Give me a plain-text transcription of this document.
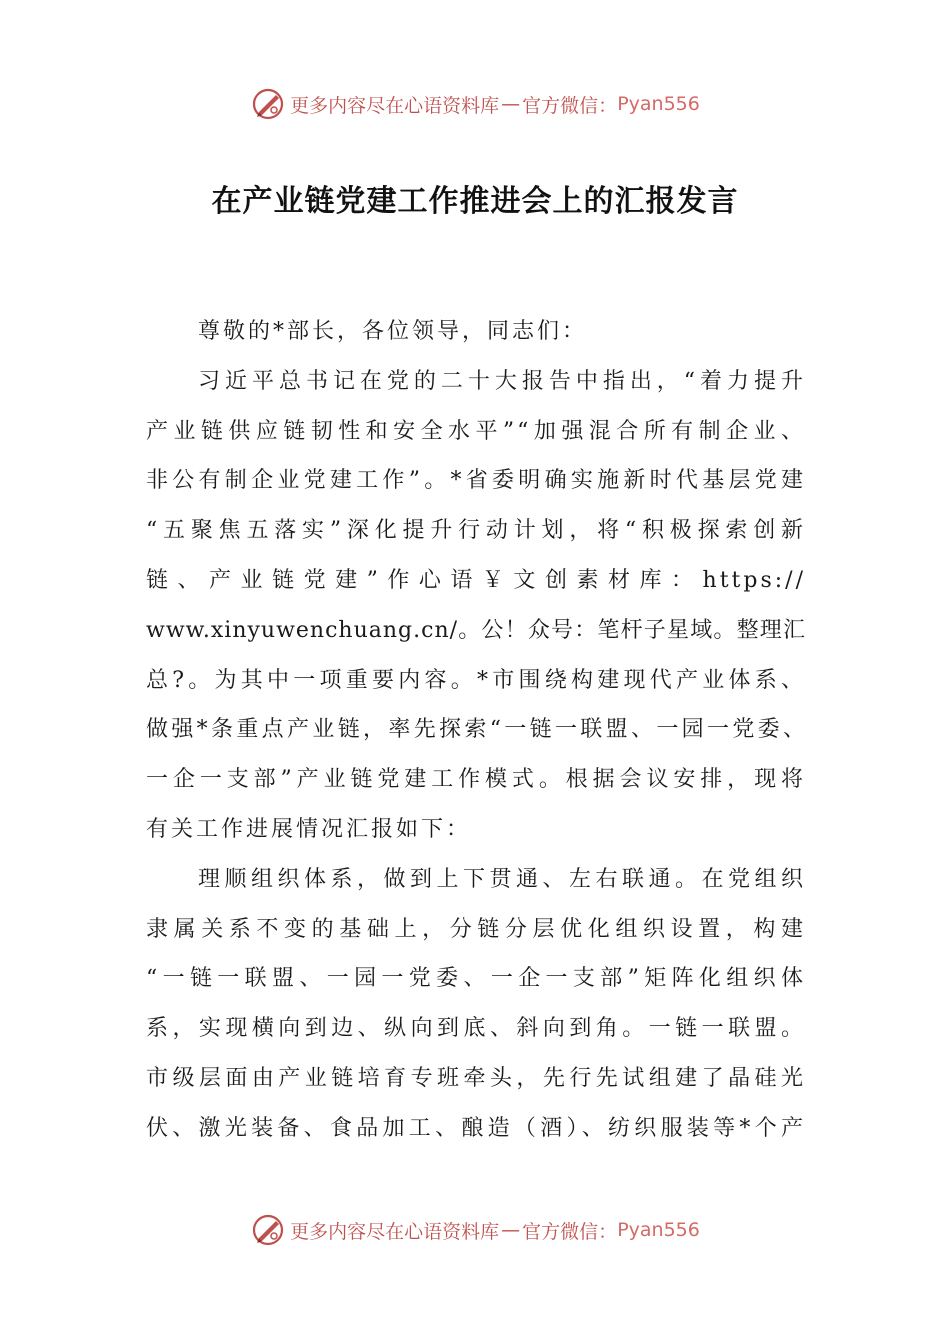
更多内容尽在心语资料库 — 官方微信： Pyan556
在产业链党建工作推进会上的汇报发言
尊敬的*部长，各位领导，同志们：
习近平总书记在党的二十大报告中指出，“着力提升
产业链供应链韧性和安全水平”“加强混合所有制企业、
非公有制企业党建工作”。*省委明确实施新时代基层党建
“五聚焦五落实”深化提升行动计划，将“积极探索创新
链、产业链党建”作心语￥文创素材库：https://
www.xinyuwenchuang.cn/。公！众号：笔杆子星域。整理汇
总?。为其中一项重要内容。*市围绕构建现代产业体系、
做强*条重点产业链，率先探索“一链一联盟、一园一党委、
一企一支部”产业链党建工作模式。根据会议安排，现将
有关工作进展情况汇报如下：
理顺组织体系，做到上下贯通、左右联通。在党组织
隶属关系不变的基础上，分链分层优化组织设置，构建
“一链一联盟、一园一党委、一企一支部”矩阵化组织体
系，实现横向到边、纵向到底、斜向到角。一链一联盟。
市级层面由产业链培育专班牵头，先行先试组建了晶硅光
伏、激光装备、食品加工、酿造（酒）、纺织服装等*个产
更多内容尽在心语资料库 — 官方微信： Pyan556
